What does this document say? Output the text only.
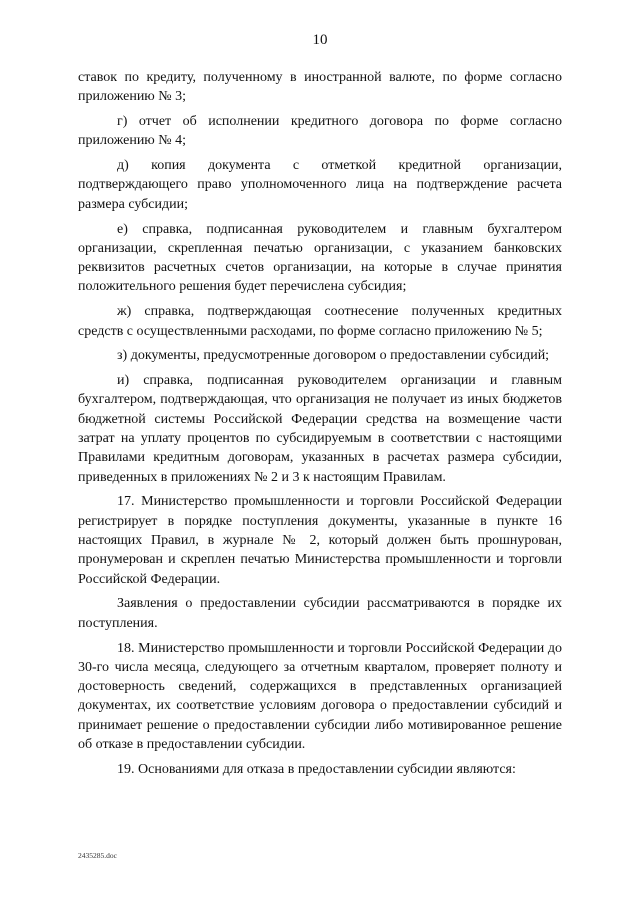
10

ставок по кредиту, полученному в иностранной валюте, по форме согласно приложению № 3;

г) отчет об исполнении кредитного договора по форме согласно приложению № 4;

д) копия документа с отметкой кредитной организации, подтверждающего право уполномоченного лица на подтверждение расчета размера субсидии;

е) справка, подписанная руководителем и главным бухгалтером организации, скрепленная печатью организации, с указанием банковских реквизитов расчетных счетов организации, на которые в случае принятия положительного решения будет перечислена субсидия;

ж) справка, подтверждающая соотнесение полученных кредитных средств с осуществленными расходами, по форме согласно приложению № 5;

з) документы, предусмотренные договором о предоставлении субсидий;

и) справка, подписанная руководителем организации и главным бухгалтером, подтверждающая, что организация не получает из иных бюджетов бюджетной системы Российской Федерации средства на возмещение части затрат на уплату процентов по субсидируемым в соответствии с настоящими Правилами кредитным договорам, указанных в расчетах размера субсидии, приведенных в приложениях № 2 и 3 к настоящим Правилам.

17. Министерство промышленности и торговли Российской Федерации регистрирует в порядке поступления документы, указанные в пункте 16 настоящих Правил, в журнале № 2, который должен быть прошнурован, пронумерован и скреплен печатью Министерства промышленности и торговли Российской Федерации.

Заявления о предоставлении субсидии рассматриваются в порядке их поступления.

18. Министерство промышленности и торговли Российской Федерации до 30-го числа месяца, следующего за отчетным кварталом, проверяет полноту и достоверность сведений, содержащихся в представленных организацией документах, их соответствие условиям договора о предоставлении субсидий и принимает решение о предоставлении субсидии либо мотивированное решение об отказе в предоставлении субсидии.

19. Основаниями для отказа в предоставлении субсидии являются:

2435285.doc
